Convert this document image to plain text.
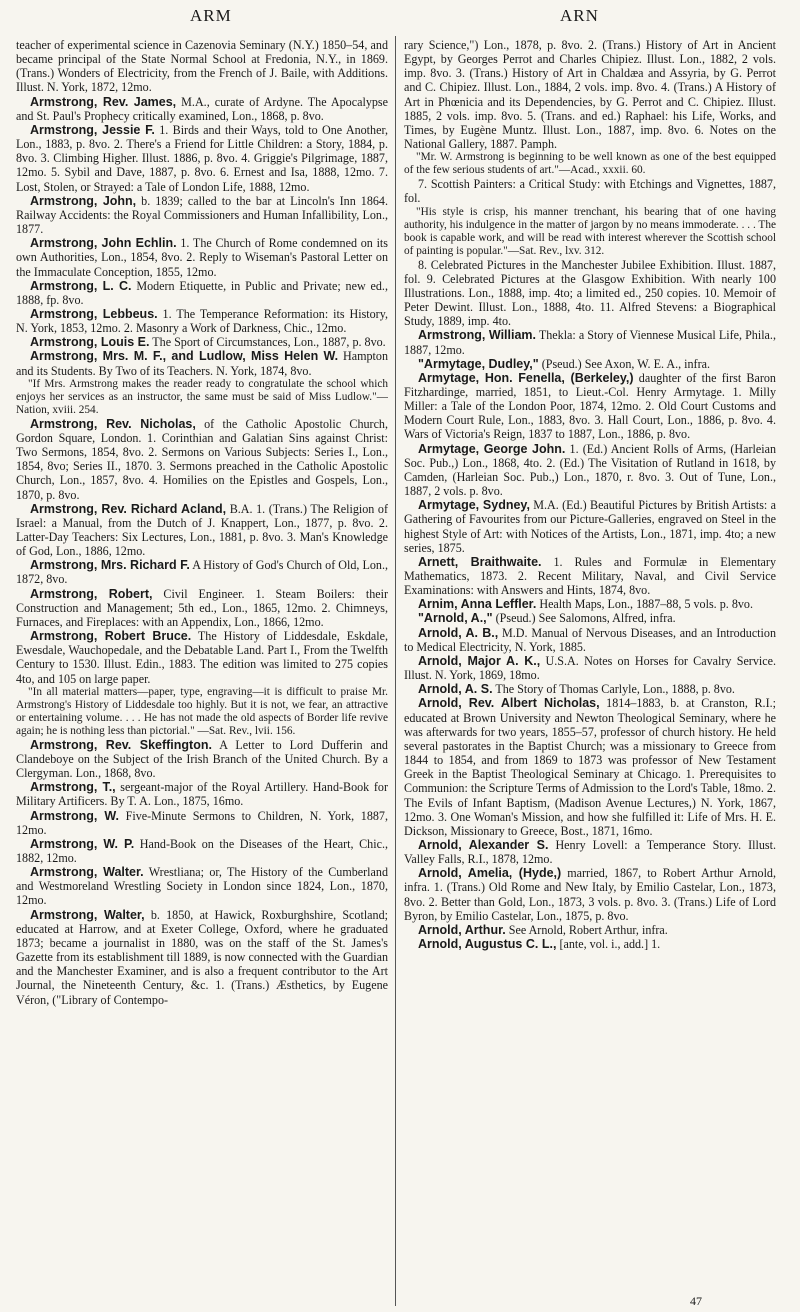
ARM	ARN

teacher of experimental science in Cazenovia Seminary (N.Y.) 1850–54, and became principal of the State Normal School at Fredonia, N.Y., in 1869. (Trans.) Wonders of Electricity, from the French of J. Baile, with Additions. Illust. N. York, 1872, 12mo.

Armstrong, Rev. James, M.A., curate of Ardyne. The Apocalypse and St. Paul's Prophecy critically examined, Lon., 1868, p. 8vo.

Armstrong, Jessie F. 1. Birds and their Ways, told to One Another, Lon., 1883, p. 8vo. 2. There's a Friend for Little Children: a Story, 1884, p. 8vo. 3. Climbing Higher. Illust. 1886, p. 8vo. 4. Griggie's Pilgrimage, 1887, 12mo. 5. Sybil and Dave, 1887, p. 8vo. 6. Ernest and Isa, 1888, 12mo. 7. Lost, Stolen, or Strayed: a Tale of London Life, 1888, 12mo.

Armstrong, John, b. 1839; called to the bar at Lincoln's Inn 1864. Railway Accidents: the Royal Commissioners and Human Infallibility, Lon., 1877.

Armstrong, John Echlin. 1. The Church of Rome condemned on its own Authorities, Lon., 1854, 8vo. 2. Reply to Wiseman's Pastoral Letter on the Immaculate Conception, 1855, 12mo.

Armstrong, L. C. Modern Etiquette, in Public and Private; new ed., 1888, fp. 8vo.

Armstrong, Lebbeus. 1. The Temperance Reformation: its History, N. York, 1853, 12mo. 2. Masonry a Work of Darkness, Chic., 12mo.

Armstrong, Louis E. The Sport of Circumstances, Lon., 1887, p. 8vo.

Armstrong, Mrs. M. F., and Ludlow, Miss Helen W. Hampton and its Students. By Two of its Teachers. N. York, 1874, 8vo.

"If Mrs. Armstrong makes the reader ready to congratulate the school which enjoys her services as an instructor, the same must be said of Miss Ludlow."—Nation, xviii. 254.

Armstrong, Rev. Nicholas, of the Catholic Apostolic Church, Gordon Square, London. 1. Corinthian and Galatian Sins against Christ: Two Sermons, 1854, 8vo. 2. Sermons on Various Subjects: Series I., Lon., 1854, 8vo; Series II., 1870. 3. Sermons preached in the Catholic Apostolic Church, Lon., 1857, 8vo. 4. Homilies on the Epistles and Gospels, Lon., 1870, p. 8vo.

Armstrong, Rev. Richard Acland, B.A. 1. (Trans.) The Religion of Israel: a Manual, from the Dutch of J. Knappert, Lon., 1877, p. 8vo. 2. Latter-Day Teachers: Six Lectures, Lon., 1881, p. 8vo. 3. Man's Knowledge of God, Lon., 1886, 12mo.

Armstrong, Mrs. Richard F. A History of God's Church of Old, Lon., 1872, 8vo.

Armstrong, Robert, Civil Engineer. 1. Steam Boilers: their Construction and Management; 5th ed., Lon., 1865, 12mo. 2. Chimneys, Furnaces, and Fireplaces: with an Appendix, Lon., 1866, 12mo.

Armstrong, Robert Bruce. The History of Liddesdale, Eskdale, Ewesdale, Wauchopedale, and the Debatable Land. Part I., From the Twelfth Century to 1530. Illust. Edin., 1883. The edition was limited to 275 copies 4to, and 105 on large paper.

"In all material matters—paper, type, engraving—it is difficult to praise Mr. Armstrong's History of Liddesdale too highly. But it is not, we fear, an attractive or entertaining volume. . . . He has not made the old aspects of Border life revive again; he is nothing less than pictorial." —Sat. Rev., lvii. 156.

Armstrong, Rev. Skeffington. A Letter to Lord Dufferin and Clandeboye on the Subject of the Irish Branch of the United Church. By a Clergyman. Lon., 1868, 8vo.

Armstrong, T., sergeant-major of the Royal Artillery. Hand-Book for Military Artificers. By T. A. Lon., 1875, 16mo.

Armstrong, W. Five-Minute Sermons to Children, N. York, 1887, 12mo.

Armstrong, W. P. Hand-Book on the Diseases of the Heart, Chic., 1882, 12mo.

Armstrong, Walter. Wrestliana; or, The History of the Cumberland and Westmoreland Wrestling Society in London since 1824, Lon., 1870, 12mo.

Armstrong, Walter, b. 1850, at Hawick, Roxburghshire, Scotland; educated at Harrow, and at Exeter College, Oxford, where he graduated 1873; became a journalist in 1880, was on the staff of the St. James's Gazette from its establishment till 1889, is now connected with the Guardian and the Manchester Examiner, and is also a frequent contributor to the Art Journal, the Nineteenth Century, &c. 1. (Trans.) Æsthetics, by Eugene Véron, ("Library of Contempo-

rary Science,") Lon., 1878, p. 8vo. 2. (Trans.) History of Art in Ancient Egypt, by Georges Perrot and Charles Chipiez. Illust. Lon., 1882, 2 vols. imp. 8vo. 3. (Trans.) History of Art in Chaldæa and Assyria, by G. Perrot and C. Chipiez. Illust. Lon., 1884, 2 vols. imp. 8vo. 4. (Trans.) A History of Art in Phœnicia and its Dependencies, by G. Perrot and C. Chipiez. Illust. 1885, 2 vols. imp. 8vo. 5. (Trans. and ed.) Raphael: his Life, Works, and Times, by Eugène Muntz. Illust. Lon., 1887, imp. 8vo. 6. Notes on the National Gallery, 1887. Pamph.

"Mr. W. Armstrong is beginning to be well known as one of the best equipped of the few serious students of art."—Acad., xxxii. 60.

7. Scottish Painters: a Critical Study: with Etchings and Vignettes, 1887, fol.

"His style is crisp, his manner trenchant, his bearing that of one having authority, his indulgence in the matter of jargon by no means immoderate. . . . The book is capable work, and will be read with interest wherever the Scottish school of painting is popular."—Sat. Rev., lxv. 312.

8. Celebrated Pictures in the Manchester Jubilee Exhibition. Illust. 1887, fol. 9. Celebrated Pictures at the Glasgow Exhibition. With nearly 100 Illustrations. Lon., 1888, imp. 4to; a limited ed., 250 copies. 10. Memoir of Peter Dewint. Illust. Lon., 1888, 4to. 11. Alfred Stevens: a Biographical Study, 1889, imp. 4to.

Armstrong, William. Thekla: a Story of Viennese Musical Life, Phila., 1887, 12mo.

"Armytage, Dudley," (Pseud.) See Axon, W. E. A., infra.

Armytage, Hon. Fenella, (Berkeley,) daughter of the first Baron Fitzhardinge, married, 1851, to Lieut.-Col. Henry Armytage. 1. Milly Miller: a Tale of the London Poor, 1874, 12mo. 2. Old Court Customs and Modern Court Rule, Lon., 1883, 8vo. 3. Hall Court, Lon., 1886, p. 8vo. 4. Wars of Victoria's Reign, 1837 to 1887, Lon., 1886, p. 8vo.

Armytage, George John. 1. (Ed.) Ancient Rolls of Arms, (Harleian Soc. Pub.,) Lon., 1868, 4to. 2. (Ed.) The Visitation of Rutland in 1618, by Camden, (Harleian Soc. Pub.,) Lon., 1870, r. 8vo. 3. Out of Tune, Lon., 1887, 2 vols. p. 8vo.

Armytage, Sydney, M.A. (Ed.) Beautiful Pictures by British Artists: a Gathering of Favourites from our Picture-Galleries, engraved on Steel in the highest Style of Art: with Notices of the Artists, Lon., 1871, imp. 4to; a new series, 1875.

Arnett, Braithwaite. 1. Rules and Formulæ in Elementary Mathematics, 1873. 2. Recent Military, Naval, and Civil Service Examinations: with Answers and Hints, 1874, 8vo.

Arnim, Anna Leffler. Health Maps, Lon., 1887–88, 5 vols. p. 8vo.

"Arnold, A.," (Pseud.) See Salomons, Alfred, infra.

Arnold, A. B., M.D. Manual of Nervous Diseases, and an Introduction to Medical Electricity, N. York, 1885.

Arnold, Major A. K., U.S.A. Notes on Horses for Cavalry Service. Illust. N. York, 1869, 18mo.

Arnold, A. S. The Story of Thomas Carlyle, Lon., 1888, p. 8vo.

Arnold, Rev. Albert Nicholas, 1814–1883, b. at Cranston, R.I.; educated at Brown University and Newton Theological Seminary, where he was afterwards for two years, 1855–57, professor of church history. He held several pastorates in the Baptist Church; was a missionary to Greece from 1844 to 1854, and from 1869 to 1873 was professor of New Testament Greek in the Baptist Theological Seminary at Chicago. 1. Prerequisites to Communion: the Scripture Terms of Admission to the Lord's Table, 18mo. 2. The Evils of Infant Baptism, (Madison Avenue Lectures,) N. York, 1867, 12mo. 3. One Woman's Mission, and how she fulfilled it: Life of Mrs. H. E. Dickson, Missionary to Greece, Bost., 1871, 16mo.

Arnold, Alexander S. Henry Lovell: a Temperance Story. Illust. Valley Falls, R.I., 1878, 12mo.

Arnold, Amelia, (Hyde,) married, 1867, to Robert Arthur Arnold, infra. 1. (Trans.) Old Rome and New Italy, by Emilio Castelar, Lon., 1873, 8vo. 2. Better than Gold, Lon., 1873, 3 vols. p. 8vo. 3. (Trans.) Life of Lord Byron, by Emilio Castelar, Lon., 1875, p. 8vo.

Arnold, Arthur. See Arnold, Robert Arthur, infra.

Arnold, Augustus C. L., [ante, vol. i., add.] 1.

47
